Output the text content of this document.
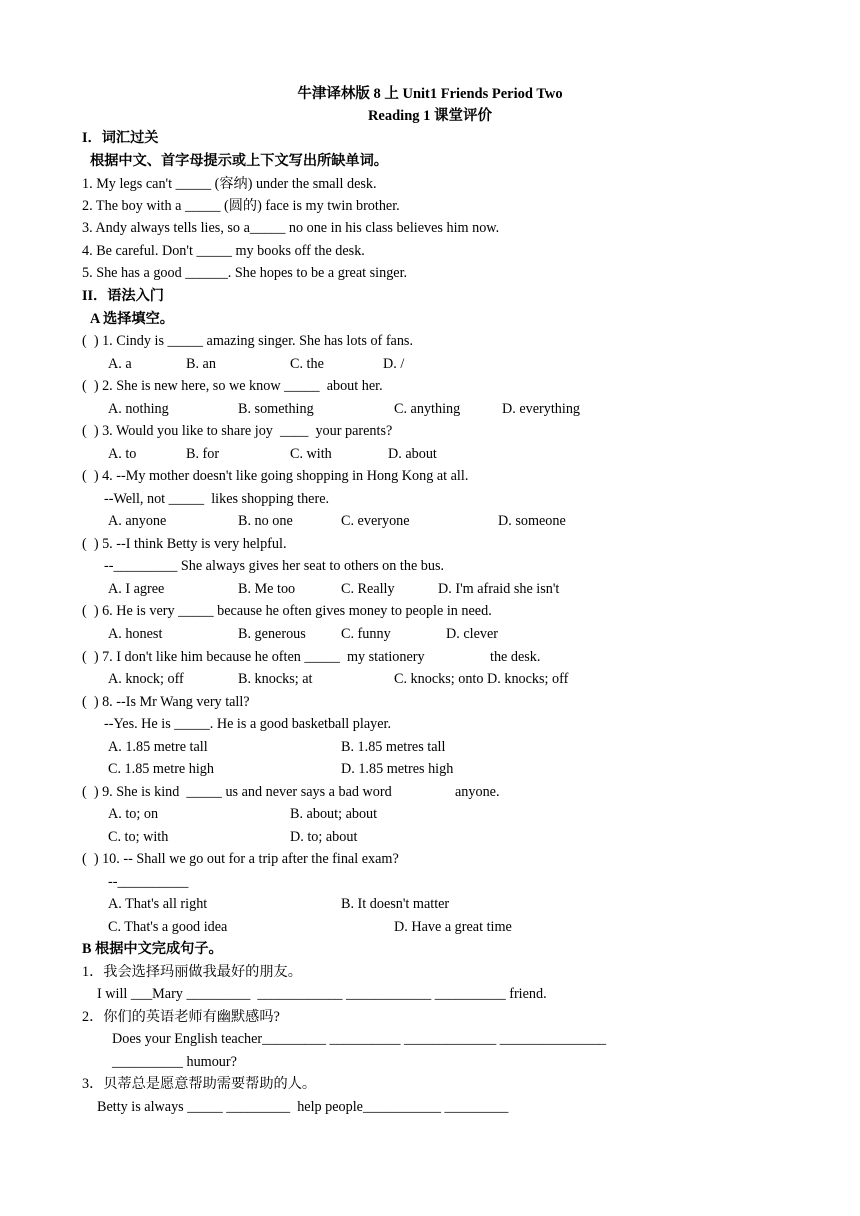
牛津译林版 8 上 Unit1 Friends Period Two
Reading 1 课堂评价
I．词汇过关
根据中文、首字母提示或上下文写出所缺单词。
1. My legs can't _____ (容纳) under the small desk.
2. The boy with a _____ (圆的) face is my twin brother.
3. Andy always tells lies, so a_____ no one in his class believes him now.
4. Be careful. Don't _____ my books off the desk.
5. She has a good ______. She hopes to be a great singer.
II．语法入门
A 选择填空。
(  ) 1. Cindy is _____ amazing singer. She has lots of fans.
A. a	B. an	C. the	D. /
(  ) 2. She is new here, so we know _____  about her.
A. nothing	B. something	C. anything	D. everything
(  ) 3. Would you like to share joy  ____  your parents?
A. to	B. for	C. with	D. about
(  ) 4. --My mother doesn't like going shopping in Hong Kong at all.
--Well, not _____  likes shopping there.
A. anyone	B. no one	C. everyone	D. someone
(  ) 5. --I think Betty is very helpful.
--_________ She always gives her seat to others on the bus.
A. I agree	B. Me too	C. Really	D. I'm afraid she isn't
(  ) 6. He is very _____ because he often gives money to people in need.
A. honest	B. generous C. funny	D. clever
(  ) 7. I don't like him because he often _____  my stationery	the desk.
A. knock; off	B. knocks; at	C. knocks; onto D. knocks; off
(  ) 8. --Is Mr Wang very tall?
--Yes. He is _____. He is a good basketball player.
A. 1.85 metre tall	B. 1.85 metres tall
C. 1.85 metre high	D. 1.85 metres high
(  ) 9. She is kind  _____ us and never says a bad word	anyone.
A. to; on	B. about; about
C. to; with	D. to; about
(  ) 10. -- Shall we go out for a trip after the final exam?
--__________
A. That's all right	B. It doesn't matter
C. That's a good idea	D. Have a great time
B 根据中文完成句子。
1．我会选择玛丽做我最好的朋友。
I will ___Mary _________  ____________ ____________ __________ friend.
2．你们的英语老师有幽默感吗?
Does your English teacher_________ __________ _____________ _______________
__________ humour?
3．贝蒂总是愿意帮助需要帮助的人。
Betty is always _____ _________  help people___________ _________
